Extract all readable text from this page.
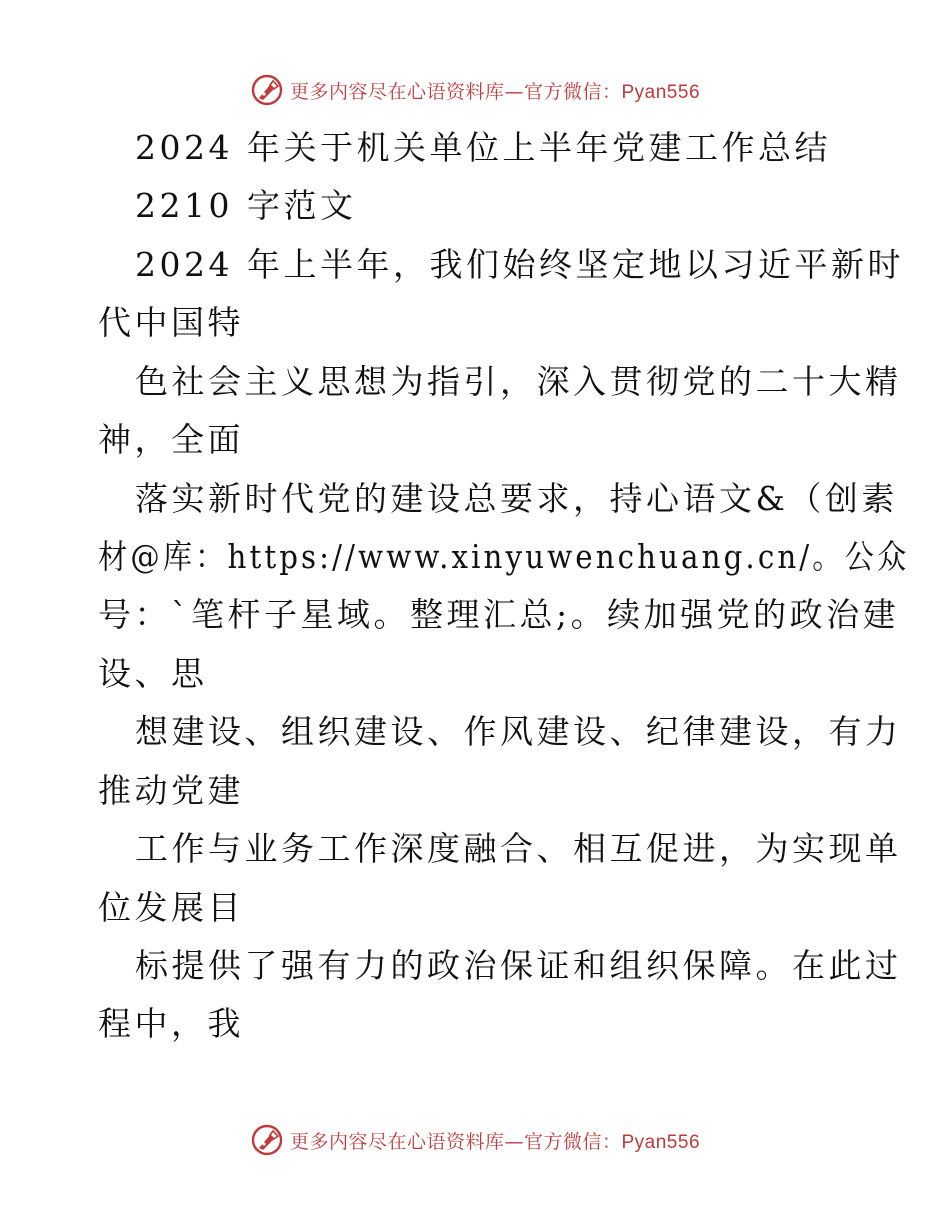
更多内容尽在心语资料库—官方微信：Pyan556
2024 年关于机关单位上半年党建工作总结
2210 字范文
2024 年上半年，我们始终坚定地以习近平新时
代中国特
色社会主义思想为指引，深入贯彻党的二十大精
神，全面
落实新时代党的建设总要求，持心语文&（创素
材@库：https://www.xinyuwenchuang.cn/。公众
号：`笔杆子星域。整理汇总;。续加强党的政治建
设、思
想建设、组织建设、作风建设、纪律建设，有力
推动党建
工作与业务工作深度融合、相互促进，为实现单
位发展目
标提供了强有力的政治保证和组织保障。在此过
程中，我
更多内容尽在心语资料库—官方微信：Pyan556
